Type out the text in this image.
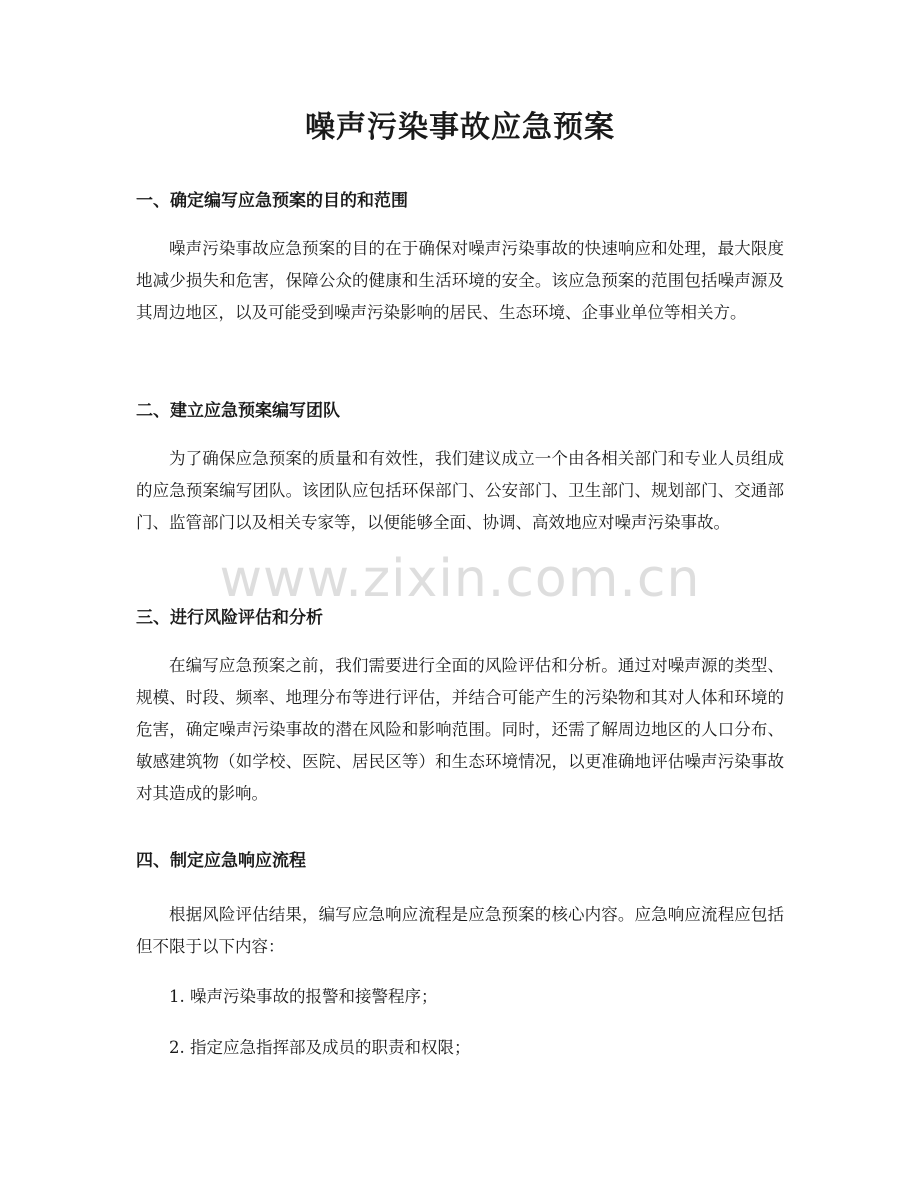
噪声污染事故应急预案
一、确定编写应急预案的目的和范围

噪声污染事故应急预案的目的在于确保对噪声污染事故的快速响应和处理，最大限度地减少损失和危害，保障公众的健康和生活环境的安全。该应急预案的范围包括噪声源及其周边地区，以及可能受到噪声污染影响的居民、生态环境、企事业单位等相关方。

二、建立应急预案编写团队

为了确保应急预案的质量和有效性，我们建议成立一个由各相关部门和专业人员组成的应急预案编写团队。该团队应包括环保部门、公安部门、卫生部门、规划部门、交通部门、监管部门以及相关专家等，以便能够全面、协调、高效地应对噪声污染事故。

三、进行风险评估和分析

在编写应急预案之前，我们需要进行全面的风险评估和分析。通过对噪声源的类型、规模、时段、频率、地理分布等进行评估，并结合可能产生的污染物和其对人体和环境的危害，确定噪声污染事故的潜在风险和影响范围。同时，还需了解周边地区的人口分布、敏感建筑物（如学校、医院、居民区等）和生态环境情况，以更准确地评估噪声污染事故对其造成的影响。

四、制定应急响应流程

根据风险评估结果，编写应急响应流程是应急预案的核心内容。应急响应流程应包括但不限于以下内容：

1. 噪声污染事故的报警和接警程序；

2. 指定应急指挥部及成员的职责和权限；

www.zixin.com.cn
